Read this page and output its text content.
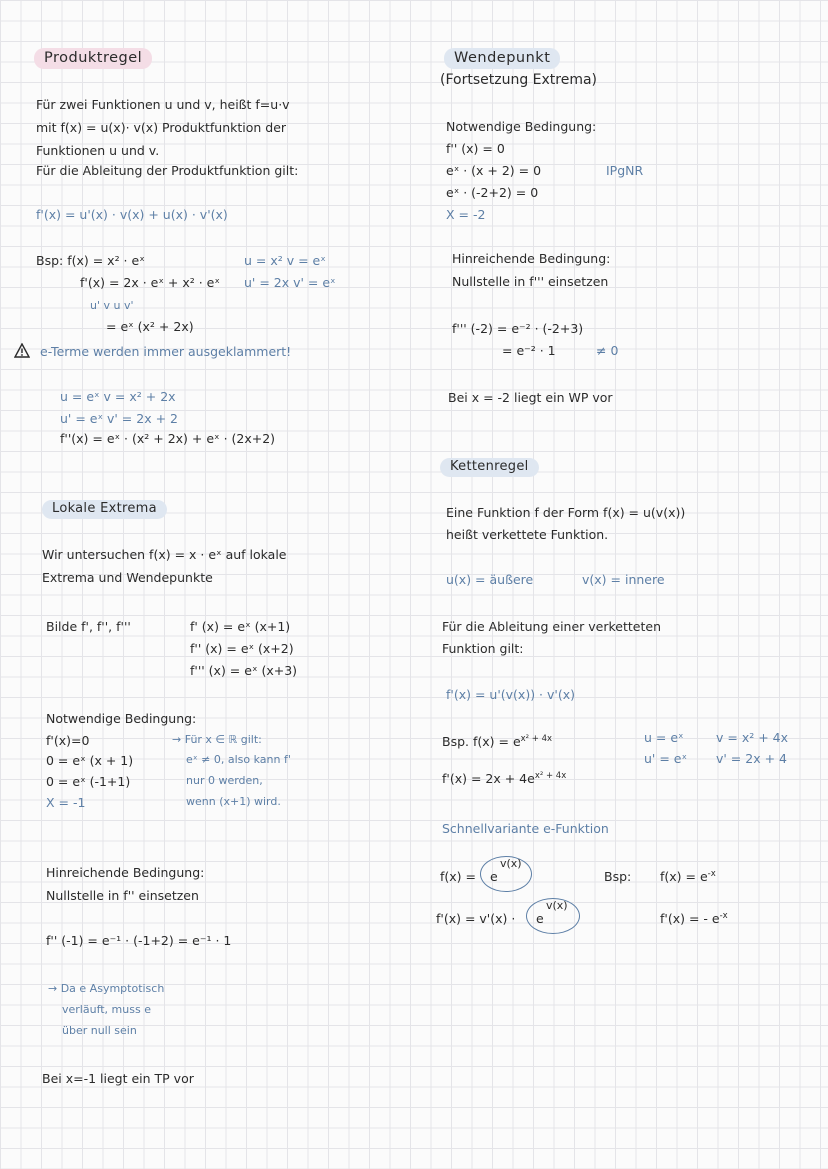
Produktregel
Für zwei Funktionen u und v, heißt f=u·v
mit f(x) = u(x)· v(x) Produktfunktion der
Funktionen u und v.
Für die Ableitung der Produktfunktion gilt:
f'(x) = u'(x) · v(x) + u(x) · v'(x)
Bsp: f(x) = x² · eˣ	u = x² v = eˣ
f'(x) = 2x · eˣ + x² · eˣ u' = 2x v' = eˣ
u' v u v'
= eˣ (x² + 2x)
e-Terme werden immer ausgeklammert!
u = eˣ v = x² + 2x
u' = eˣ v' = 2x + 2
f''(x) = eˣ · (x² + 2x) + eˣ · (2x+2)
Lokale Extrema
Wir untersuchen f(x) = x · eˣ auf lokale
Extrema und Wendepunkte
Bilde f', f'', f'''	f' (x) = eˣ (x+1)
f'' (x) = eˣ (x+2)
f''' (x) = eˣ (x+3)
Notwendige Bedingung:
f'(x)=0
0 = eˣ (x + 1)
0 = eˣ (-1+1)
X = -1
→ Für x ∈ ℝ gilt:
eˣ ≠ 0, also kann f'
nur 0 werden,
wenn (x+1) wird.
Hinreichende Bedingung:
Nullstelle in f'' einsetzen
f'' (-1) = e⁻¹ · (-1+2) = e⁻¹ · 1
→ Da e Asymptotisch
verläuft, muss e
über null sein
Bei x=-1 liegt ein TP vor
Wendepunkt
(Fortsetzung Extrema)
Notwendige Bedingung:
f'' (x) = 0
eˣ · (x + 2) = 0	IPgNR
eˣ · (-2+2) = 0
X = -2
Hinreichende Bedingung:
Nullstelle in f''' einsetzen
f''' (-2) = e⁻² · (-2+3)
= e⁻² · 1	≠ 0
Bei x = -2 liegt ein WP vor
Kettenregel
Eine Funktion f der Form f(x) = u(v(x))
heißt verkettete Funktion.
u(x) = äußere	v(x) = innere
Für die Ableitung einer verketteten
Funktion gilt:
f'(x) = u'(v(x)) · v'(x)
Bsp. $f(x) = e^{x^2 + 4x}$	u = eˣ	v = x² + 4x
u' = eˣ v' = 2x + 4
$f'(x) = 2x + 4e^{x^2 + 4x}$
Schnellvariante e-Funktion
f(x) = e
v(x)
f'(x) = v'(x) · e
v(x)
Bsp: $f(x) = e^{-x}$
f'(x) = - $e^{-x}$
